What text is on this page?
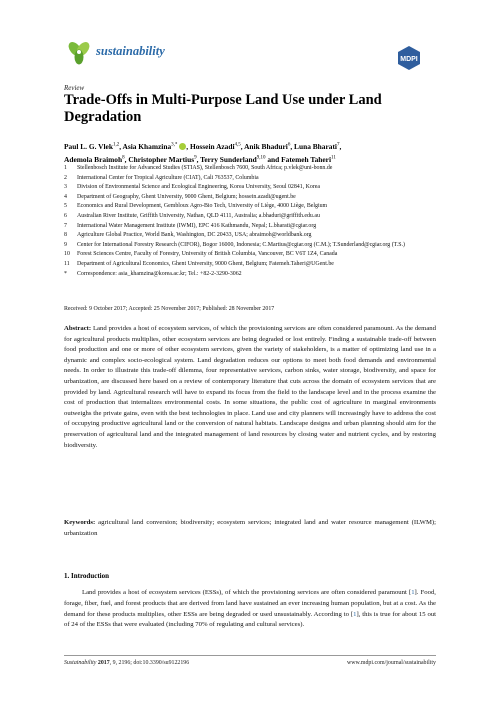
sustainability
MDPI
Review
Trade-Offs in Multi-Purpose Land Use under Land Degradation
Paul L. G. Vlek$^{1,2}$, Asia Khamzina$^{3,*}$ , Hossein Azadi$^{4,5}$, Anik Bhaduri$^6$, Luna Bharati$^7$,
Ademola Braimoh$^8$, Christopher Martius$^9$, Terry Sunderland$^{9,10}$ and Fatemeh Taheri$^{11}$
1	Stellenbosch Institute for Advanced Studies (STIAS), Stellenbosch 7600, South Africa; p.vlek@uni-bonn.de
2	International Center for Tropical Agriculture (CIAT), Cali 763537, Columbia
3	Division of Environmental Science and Ecological Engineering, Korea University, Seoul 02841, Korea
4	Department of Geography, Ghent University, 9000 Ghent, Belgium; hossein.azadi@ugent.be
5	Economics and Rural Development, Gembloux Agro-Bio Tech, University of Liège, 4000 Liège, Belgium
6	Australian River Institute, Griffith University, Nathan, QLD 4111, Australia; a.bhaduri@griffith.edu.au
7	International Water Management Institute (IWMI), EPC 416 Kathmandu, Nepal; L.bharati@cgiar.org
8	Agriculture Global Practice, World Bank, Washington, DC 20433, USA; abraimoh@worldbank.org
9	Center for International Forestry Research (CIFOR), Bogor 16000, Indonesia; C.Martius@cgiar.org (C.M.); T.Sunderland@cgiar.org (T.S.)
10	Forest Sciences Centre, Faculty of Forestry, University of British Columbia, Vancouver, BC V6T 1Z4, Canada
11	Department of Agricultural Economics, Ghent University, 9000 Ghent, Belgium; Fatemeh.Taheri@UGent.be
*	Correspondence: asia_khamzina@korea.ac.kr; Tel.: +82-2-3290-3062
Received: 9 October 2017; Accepted: 25 November 2017; Published: 28 November 2017
Abstract: Land provides a host of ecosystem services, of which the provisioning services are often considered paramount. As the demand for agricultural products multiplies, other ecosystem services are being degraded or lost entirely. Finding a sustainable trade-off between food production and one or more of other ecosystem services, given the variety of stakeholders, is a matter of optimizing land use in a dynamic and complex socio-ecological system. Land degradation reduces our options to meet both food demands and environmental needs. In order to illustrate this trade-off dilemma, four representative services, carbon sinks, water storage, biodiversity, and space for urbanization, are discussed here based on a review of contemporary literature that cuts across the domain of ecosystem services that are provided by land. Agricultural research will have to expand its focus from the field to the landscape level and in the process examine the cost of production that internalizes environmental costs. In some situations, the public cost of agriculture in marginal environments outweighs the private gains, even with the best technologies in place. Land use and city planners will increasingly have to address the cost of occupying productive agricultural land or the conversion of natural habitats. Landscape designs and urban planning should aim for the preservation of agricultural land and the integrated management of land resources by closing water and nutrient cycles, and by restoring biodiversity.
Keywords: agricultural land conversion; biodiversity; ecosystem services; integrated land and water resource management (ILWM); urbanization
1. Introduction
Land provides a host of ecosystem services (ESSs), of which the provisioning services are often considered paramount [1]. Food, forage, fiber, fuel, and forest products that are derived from land have sustained an ever increasing human population, but at a cost. As the demand for these products multiplies, other ESSs are being degraded or used unsustainably. According to [1], this is true for about 15 out of 24 of the ESSs that were evaluated (including 70% of regulating and cultural services).
Sustainability 2017, 9, 2196; doi:10.3390/su9122196	www.mdpi.com/journal/sustainability
